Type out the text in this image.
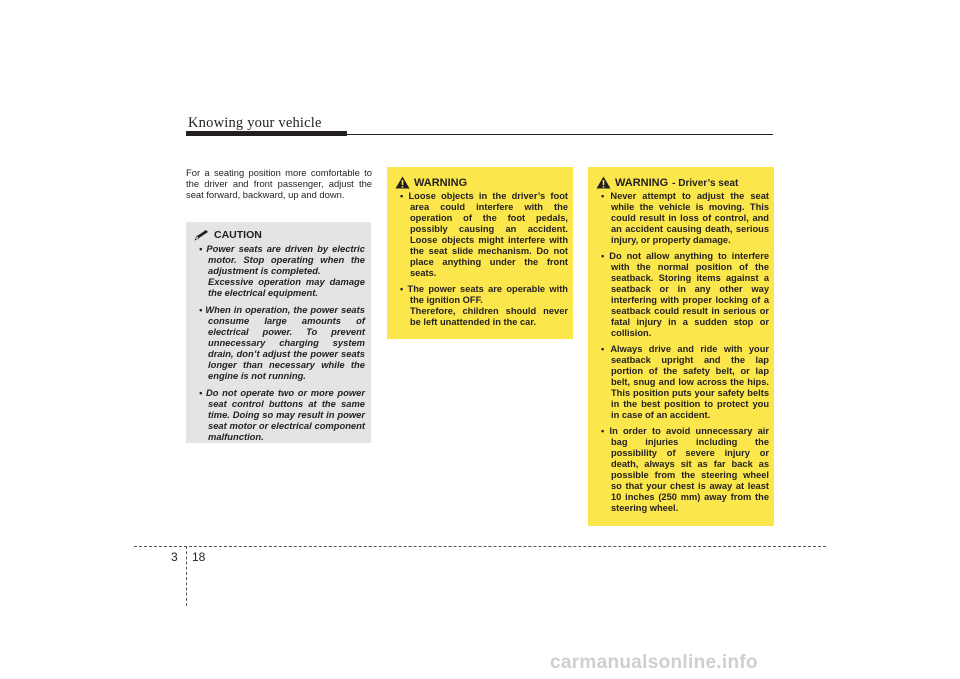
Knowing your vehicle
For a seating position more comfortable to the driver and front passenger, adjust the seat forward, backward, up and down.
CAUTION
• Power seats are driven by electric motor. Stop operating when the adjustment is completed.
Excessive operation may damage the electrical equipment.
• When in operation, the power seats consume large amounts of electrical power. To prevent unnecessary charging system drain, don’t adjust the power seats longer than necessary while the engine is not running.
• Do not operate two or more power seat control buttons at the same time. Doing so may result in power seat motor or electrical component malfunction.
WARNING
• Loose objects in the driver’s foot area could interfere with the operation of the foot pedals, possibly causing an accident. Loose objects might interfere with the seat slide mechanism. Do not place anything under the front seats.
• The power seats are operable with the ignition OFF.
Therefore, children should never be left unattended in the car.
WARNING - Driver’s seat
• Never attempt to adjust the seat while the vehicle is moving. This could result in loss of control, and an accident causing death, serious injury, or property damage.
• Do not allow anything to interfere with the normal position of the seatback. Storing items against a seatback or in any other way interfering with proper locking of a seatback could result in serious or fatal injury in a sudden stop or collision.
• Always drive and ride with your seatback upright and the lap portion of the safety belt, or lap belt, snug and low across the hips. This position puts your safety belts in the best position to protect you in case of an accident.
• In order to avoid unnecessary air bag injuries including the possibility of severe injury or death, always sit as far back as possible from the steering wheel so that your chest is away at least 10 inches (250 mm) away from the steering wheel.
3 18
carmanualsonline.info
